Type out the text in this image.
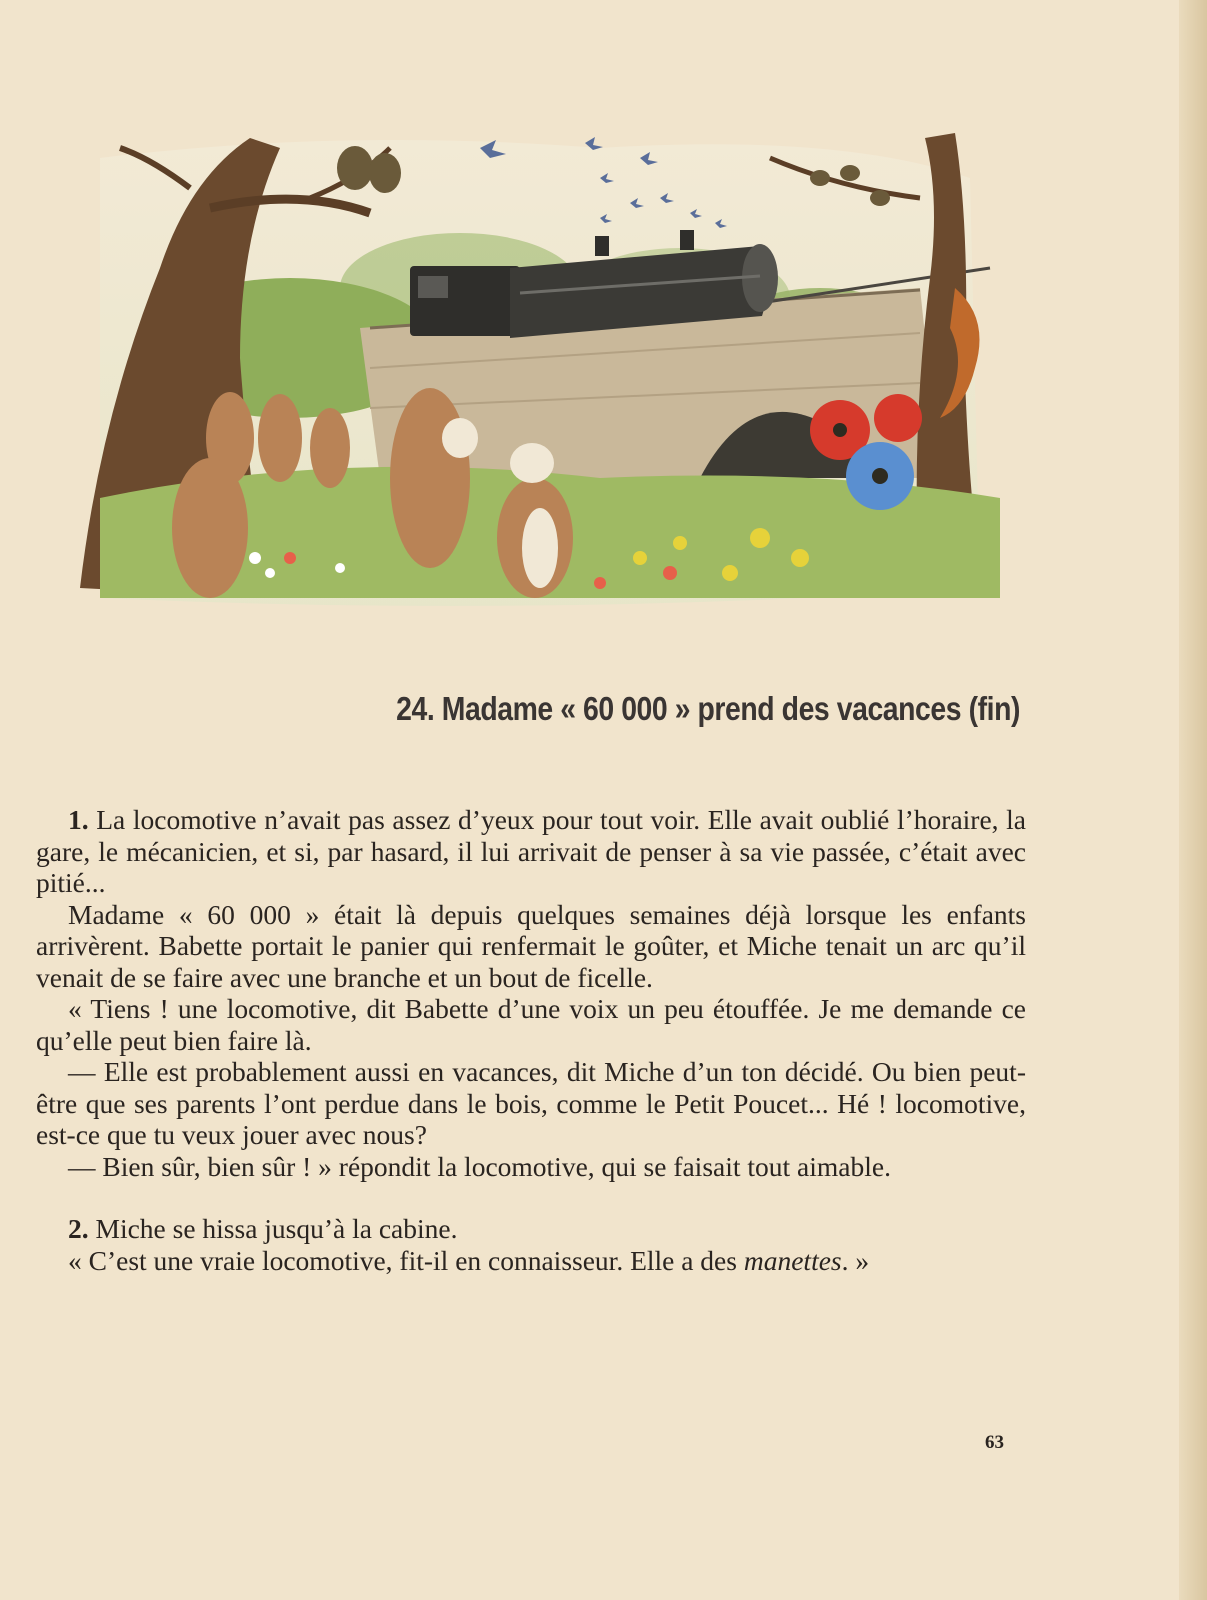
24. Madame « 60 000 » prend des vacances (fin)

1. La locomotive n’avait pas assez d’yeux pour tout voir. Elle avait oublié l’horaire, la gare, le mécanicien, et si, par hasard, il lui arrivait de penser à sa vie passée, c’était avec pitié...

Madame « 60 000 » était là depuis quelques semaines déjà lorsque les enfants arrivèrent. Babette portait le panier qui renfermait le goûter, et Miche tenait un arc qu’il venait de se faire avec une branche et un bout de ficelle.

« Tiens ! une locomotive, dit Babette d’une voix un peu étouffée. Je me demande ce qu’elle peut bien faire là.

— Elle est probablement aussi en vacances, dit Miche d’un ton décidé. Ou bien peut-être que ses parents l’ont perdue dans le bois, comme le Petit Poucet... Hé ! locomotive, est-ce que tu veux jouer avec nous?

— Bien sûr, bien sûr ! » répondit la locomotive, qui se faisait tout aimable.

2. Miche se hissa jusqu’à la cabine.

« C’est une vraie locomotive, fit-il en connaisseur. Elle a des manettes. »

63
